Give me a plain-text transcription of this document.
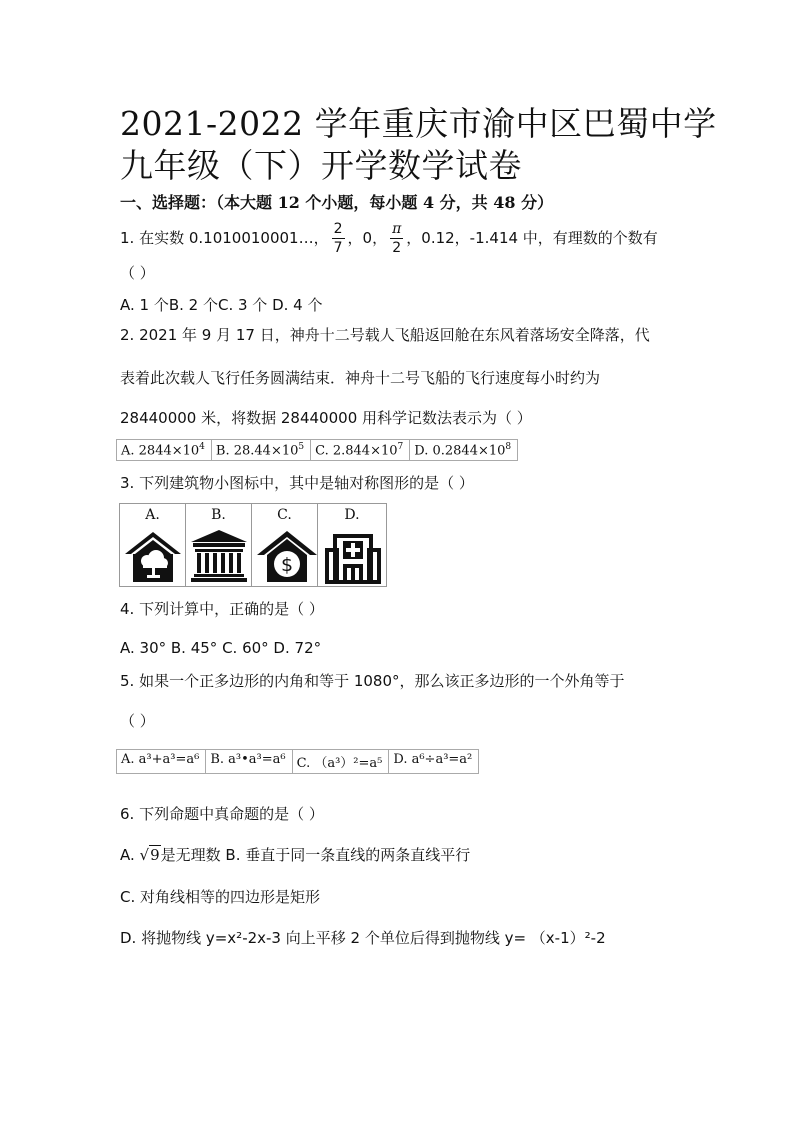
2021-2022 学年重庆市渝中区巴蜀中学
九年级（下）开学数学试卷
一、选择题：（本大题 12 个小题，每小题 4 分，共 48 分）
1. 在实数 0.1010010001…， $\frac{2}{7}$ ，0， $\frac{\pi}{2}$ ，0.12，-1.414 中，有理数的个数有
（ ）
A. 1 个B. 2 个C. 3 个 D. 4 个
2. 2021 年 9 月 17 日，神舟十二号载人飞船返回舱在东风着落场安全降落，代
表着此次载人飞行任务圆满结束．神舟十二号飞船的飞行速度每小时约为
28440000 米，将数据 28440000 用科学记数法表示为（ ）
A. $2844\times 10^4$ B. $28.44\times 10^5$ C. $2.844\times 10^7$ D. $0.2844\times 10^8$
3. 下列建筑物小图标中，其中是轴对称图形的是（ ）
A.	B.	C.
$
D.
4. 下列计算中，正确的是（ ）
A. 30° B. 45° C. 60° D. 72°
5. 如果一个正多边形的内角和等于 1080°，那么该正多边形的一个外角等于
（ ）
A. a³+a³=a⁶ B. a³•a³=a⁶ C. （a³）²=a⁵ D. a⁶÷a³=a²
6. 下列命题中真命题的是（ ）
A. √9是无理数 B. 垂直于同一条直线的两条直线平行
C. 对角线相等的四边形是矩形
D. 将抛物线 y=x²-2x-3 向上平移 2 个单位后得到抛物线 y= （x-1）²-2
